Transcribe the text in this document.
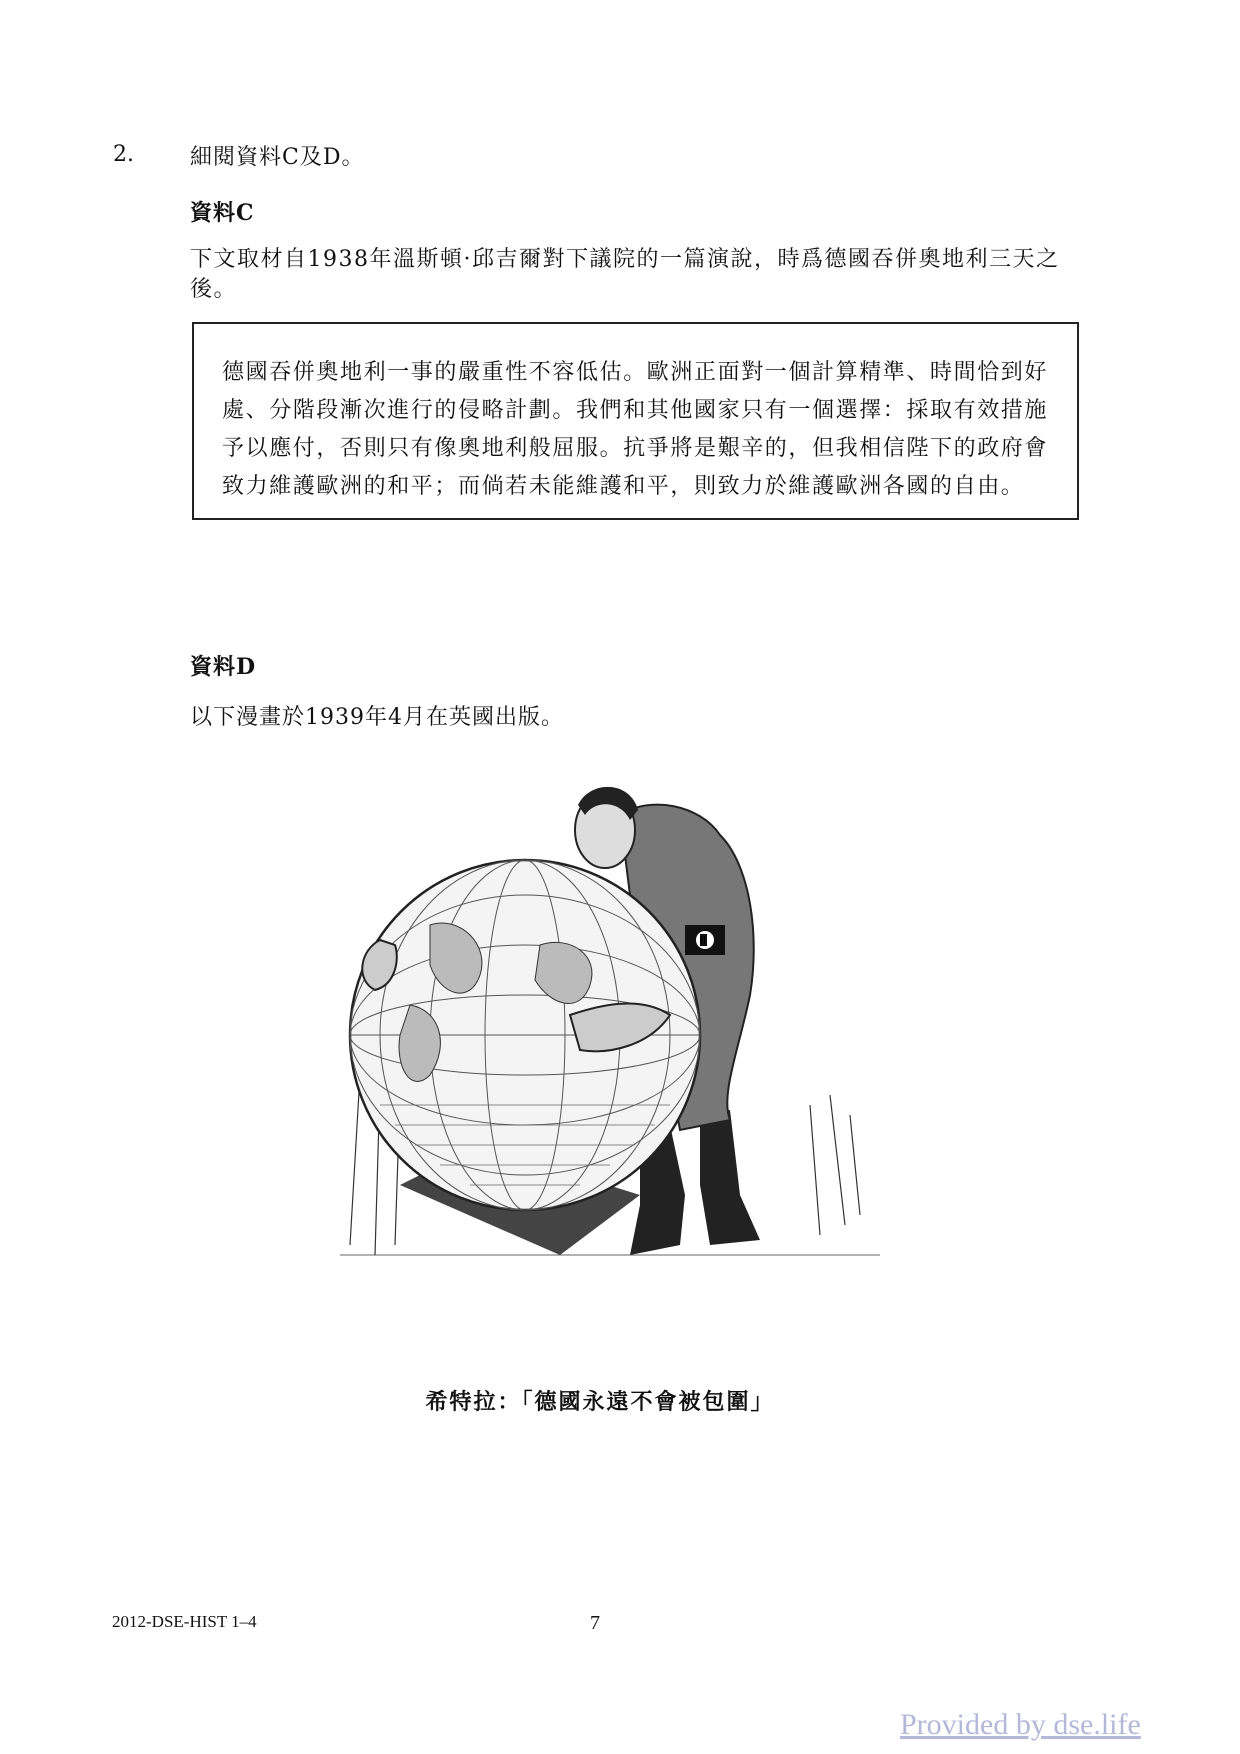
2.	細閱資料C及D。
資料C
下文取材自1938年溫斯頓·邱吉爾對下議院的一篇演說，時爲德國吞併奧地利三天之後。
德國吞併奧地利一事的嚴重性不容低估。歐洲正面對一個計算精準、時間恰到好處、分階段漸次進行的侵略計劃。我們和其他國家只有一個選擇：採取有效措施予以應付，否則只有像奧地利般屈服。抗爭將是艱辛的，但我相信陛下的政府會致力維護歐洲的和平；而倘若未能維護和平，則致力於維護歐洲各國的自由。
資料D
以下漫畫於1939年4月在英國出版。
希特拉：「德國永遠不會被包圍」
2012-DSE-HIST 1–4	7
Provided by dse.life
